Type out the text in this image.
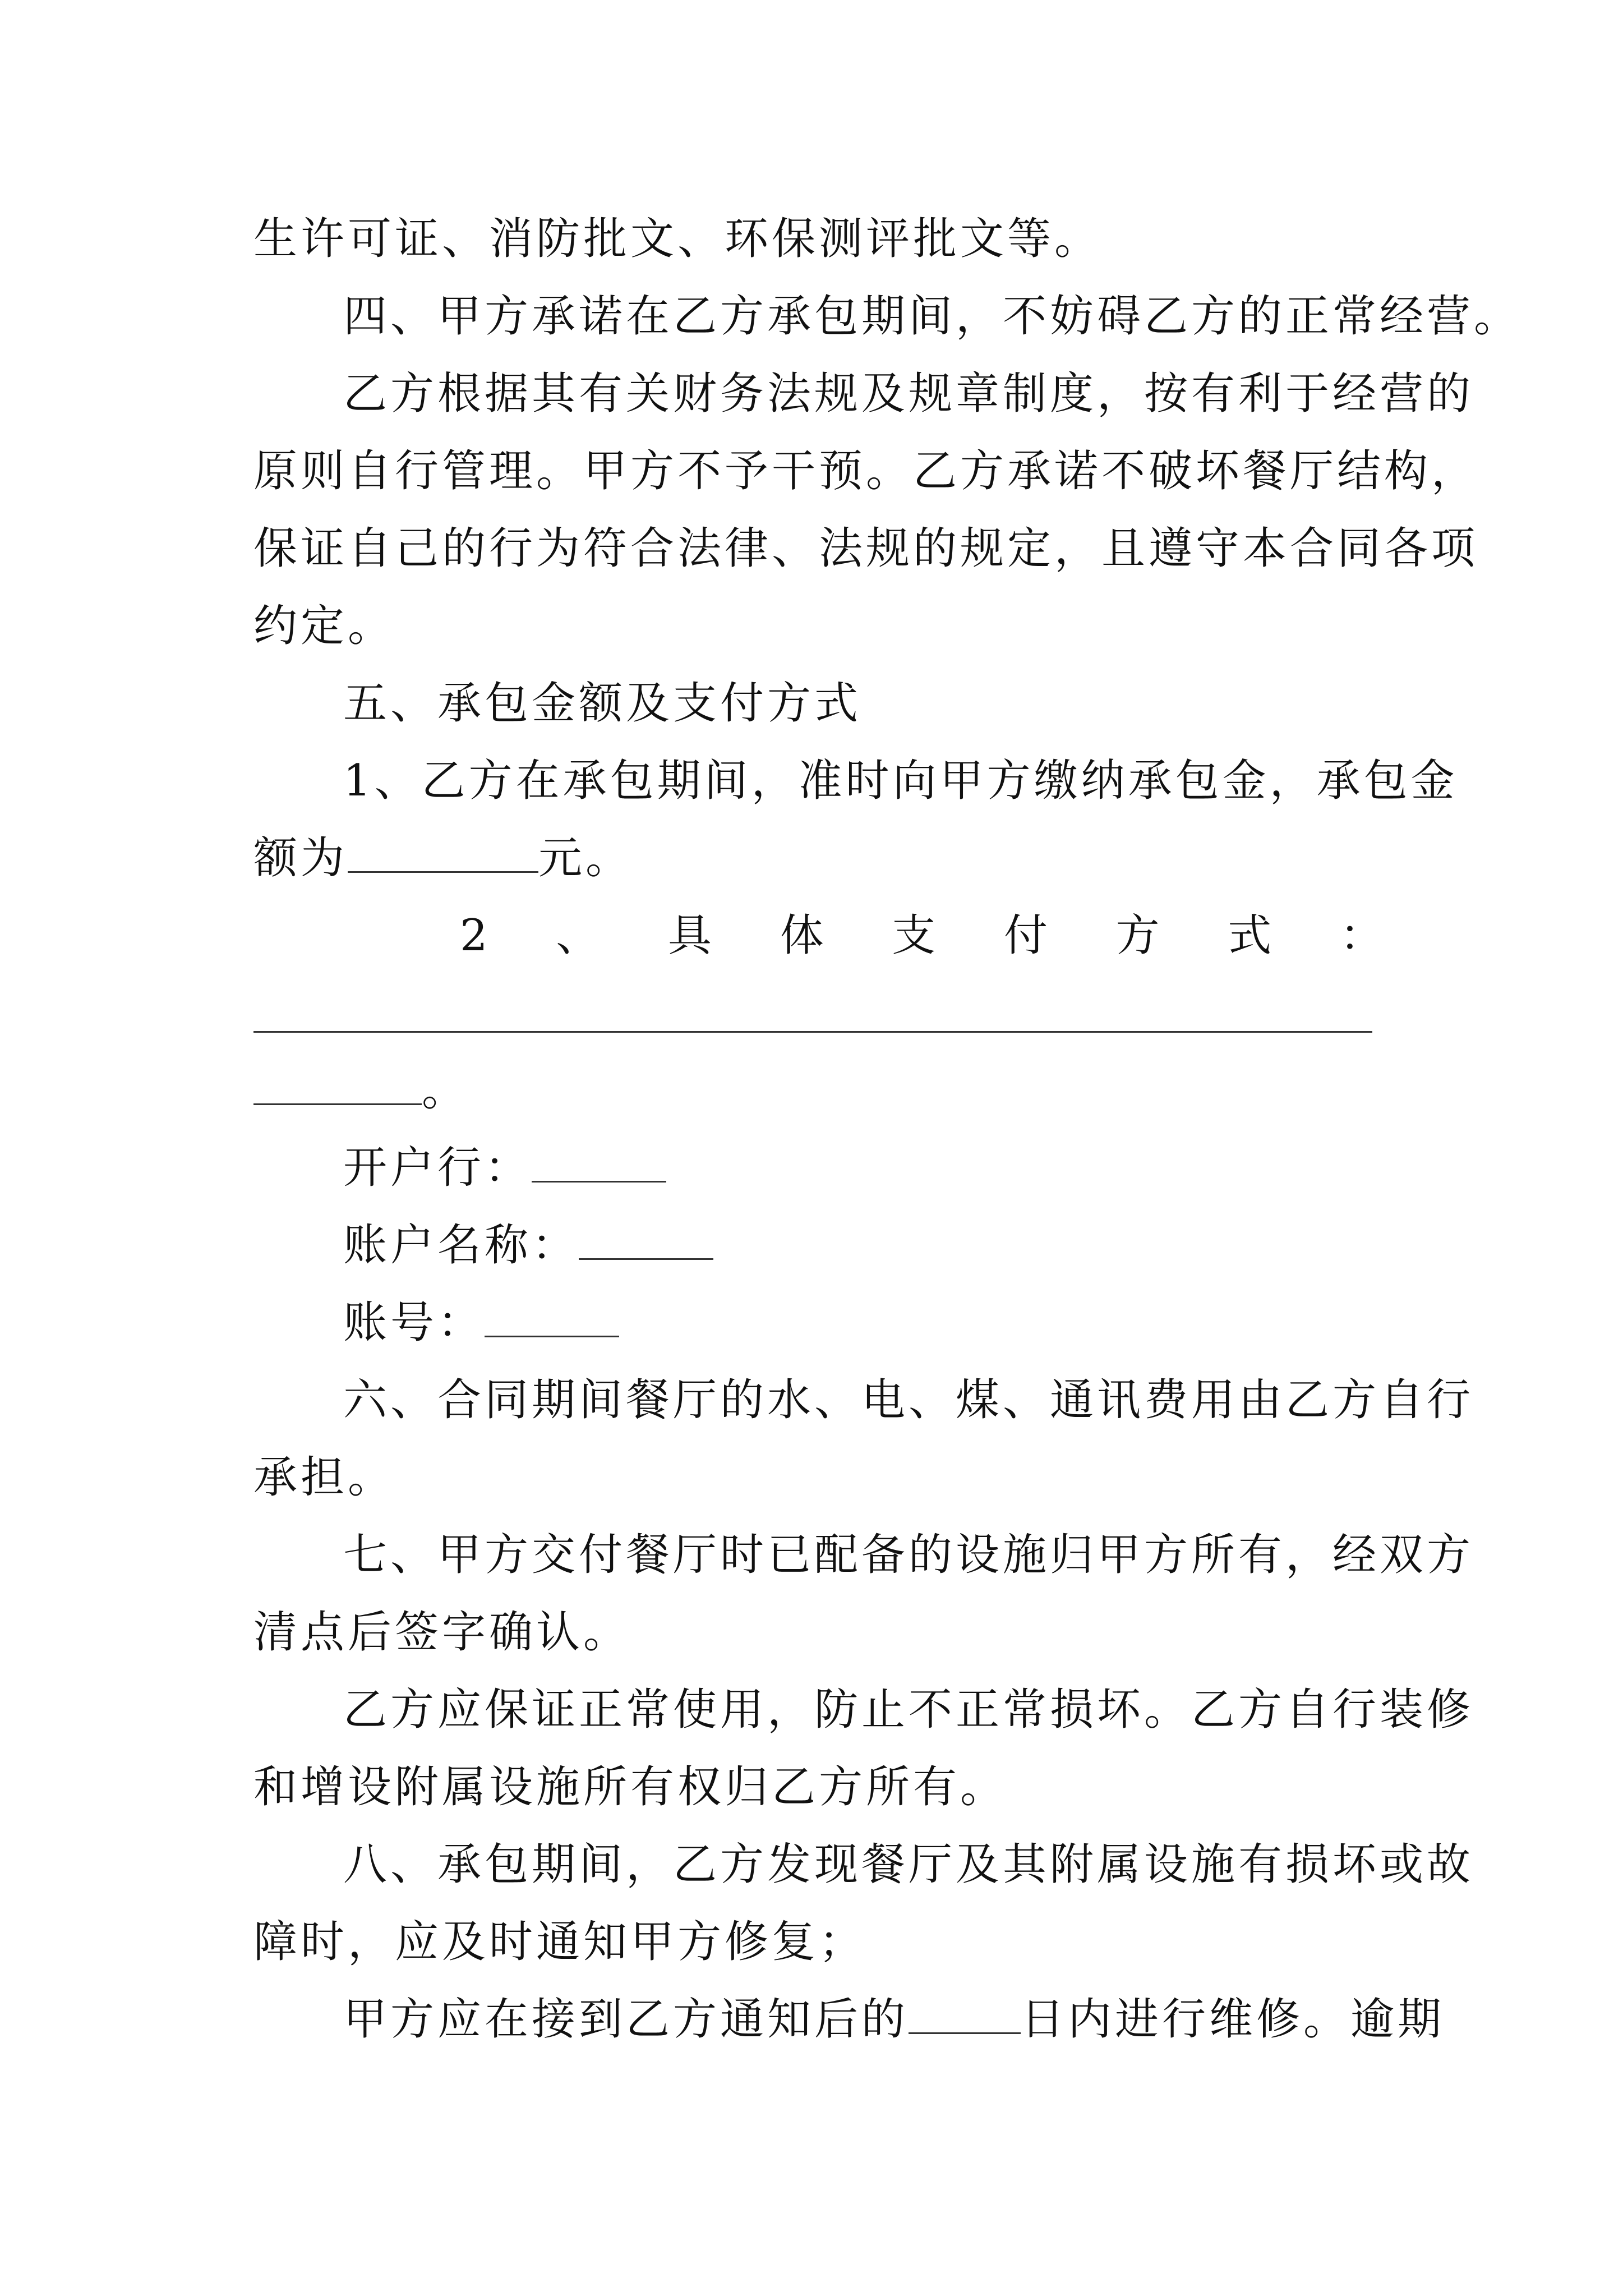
生许可证、消防批文、环保测评批文等。
四、甲方承诺在乙方承包期间，不妨碍乙方的正常经营。
乙方根据其有关财务法规及规章制度，按有利于经营的
原则自行管理。甲方不予干预。乙方承诺不破坏餐厅结构，
保证自己的行为符合法律、法规的规定，且遵守本合同各项
约定。
五、承包金额及支付方式
1、乙方在承包期间，准时向甲方缴纳承包金，承包金
额为	元。
2 、 具 体 支 付 方 式 ：
。
开户行：
账户名称：
账号：
六、合同期间餐厅的水、电、煤、通讯费用由乙方自行
承担。
七、甲方交付餐厅时已配备的设施归甲方所有，经双方
清点后签字确认。
乙方应保证正常使用，防止不正常损坏。乙方自行装修
和增设附属设施所有权归乙方所有。
八、承包期间，乙方发现餐厅及其附属设施有损坏或故
障时，应及时通知甲方修复；
甲方应在接到乙方通知后的	日内进行维修。逾期
